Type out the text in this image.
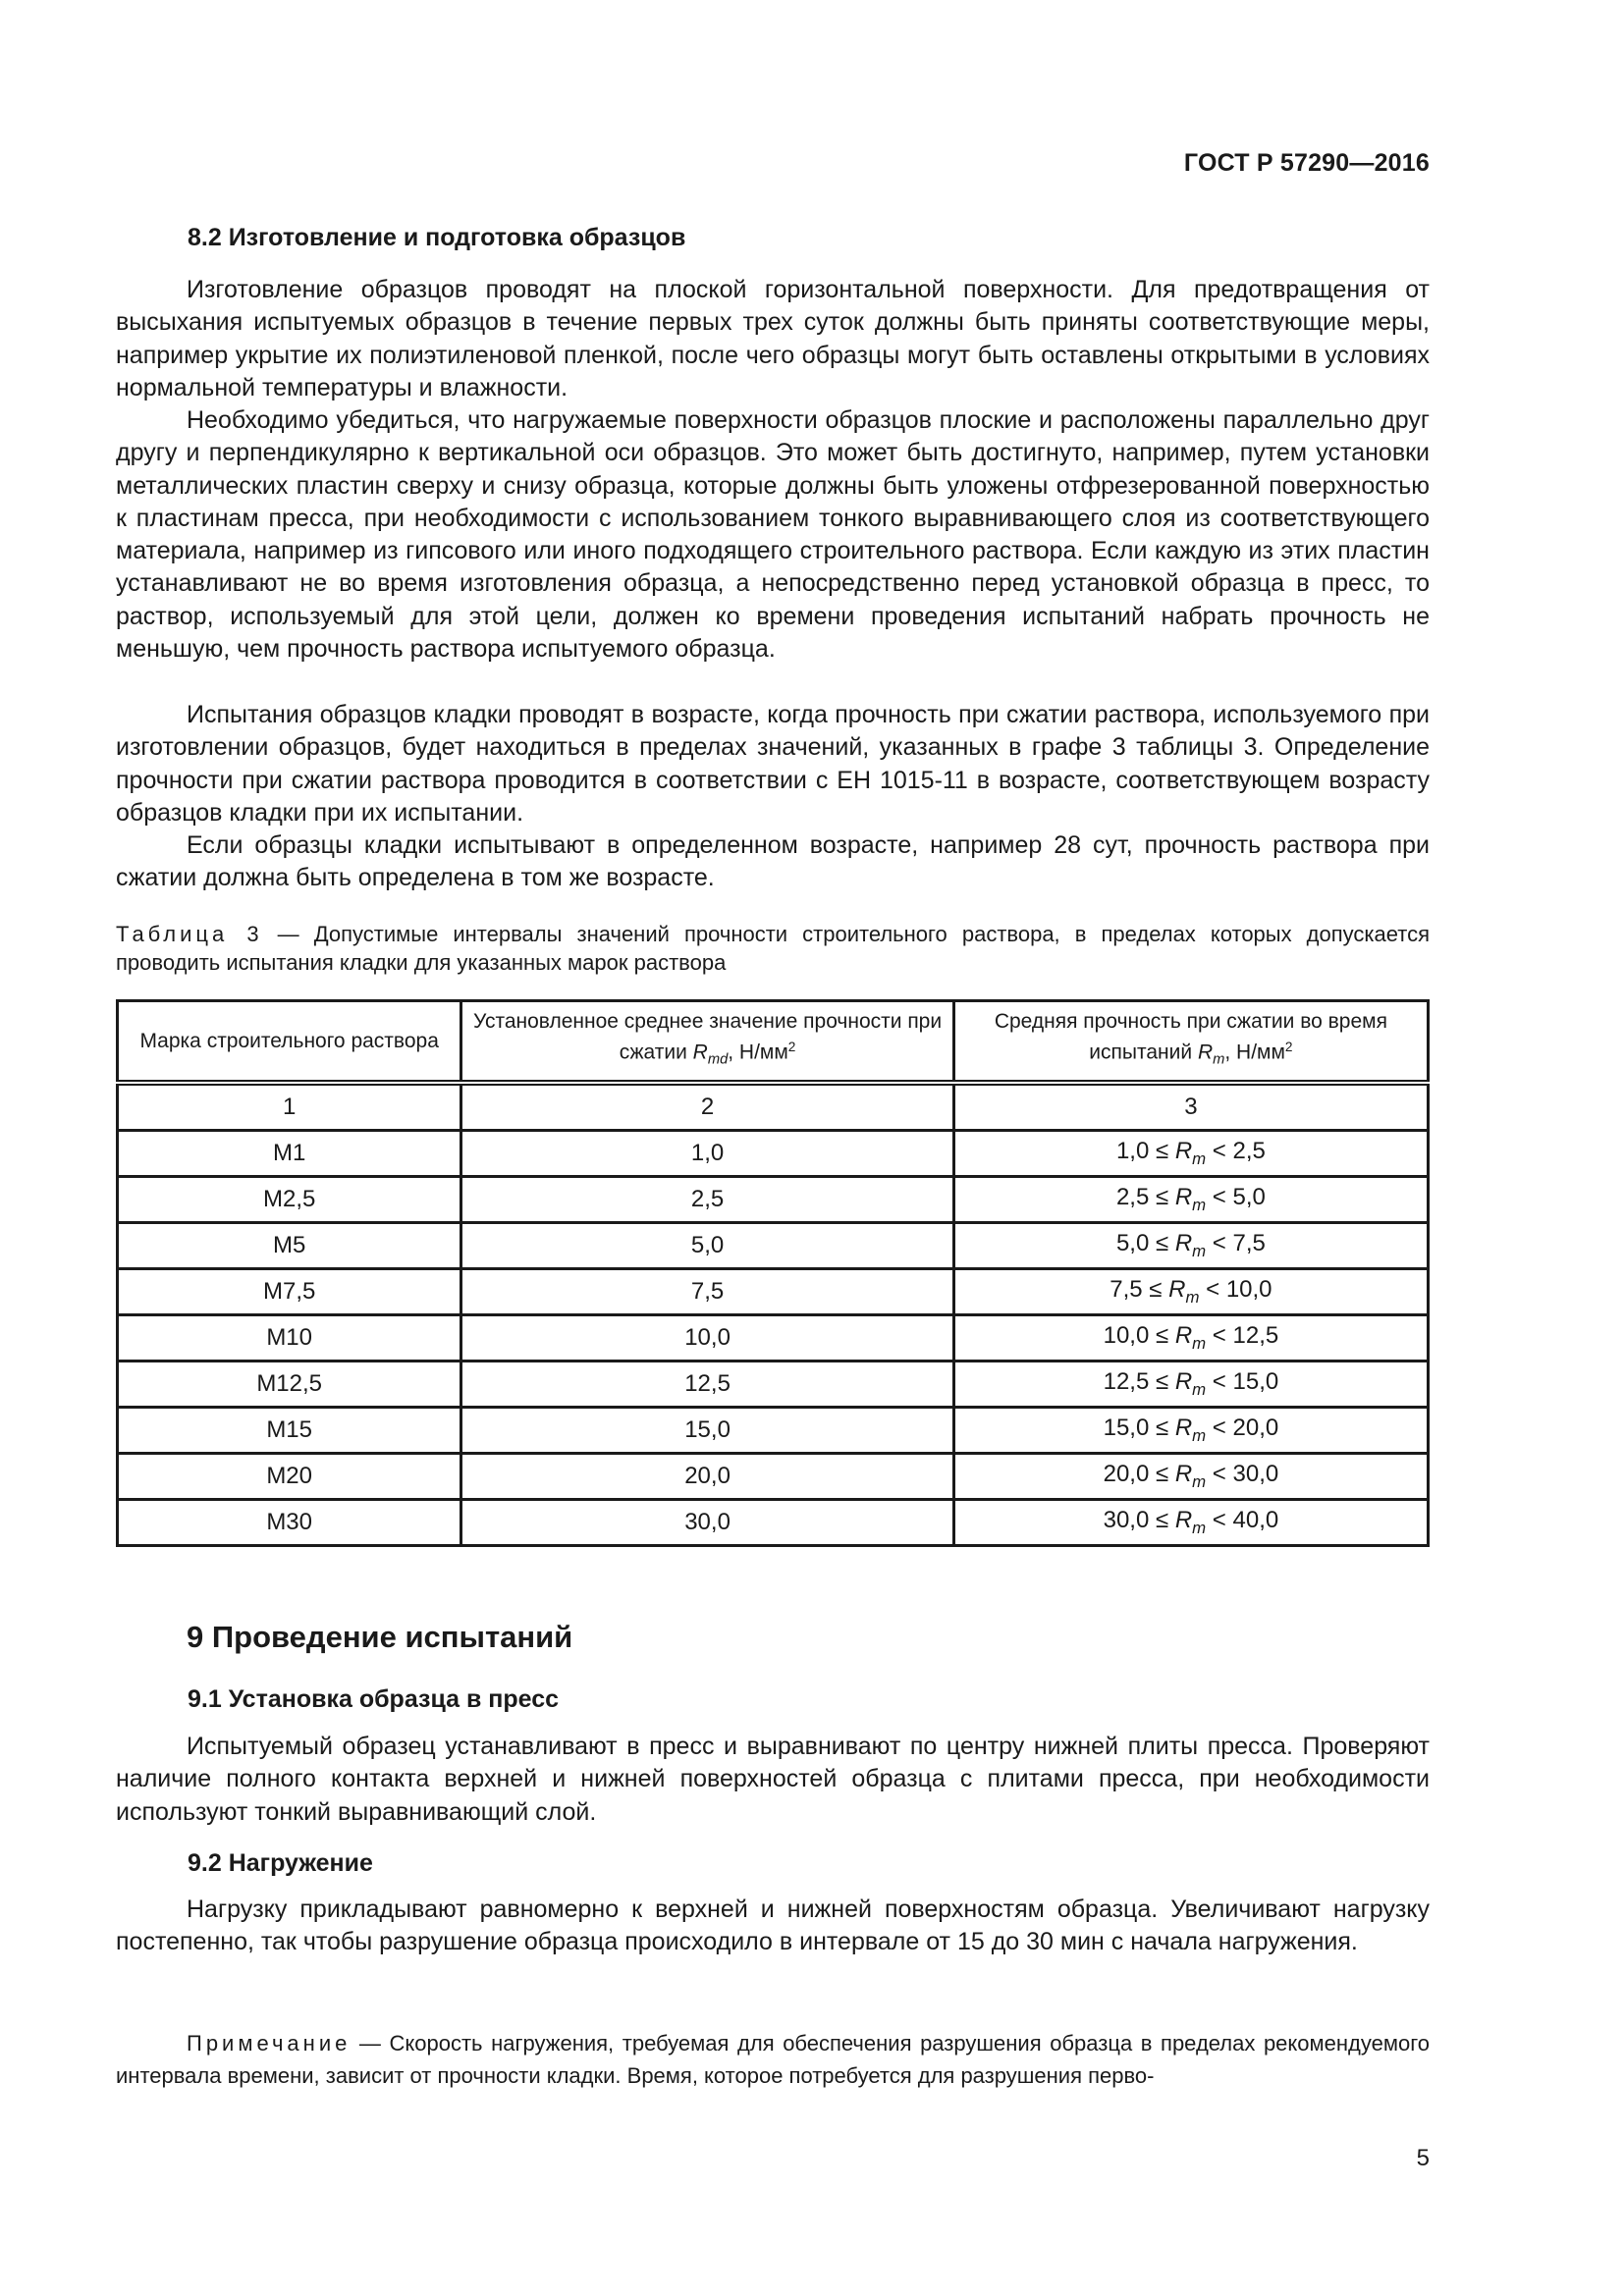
ГОСТ Р 57290—2016
8.2 Изготовление и подготовка образцов

Изготовление образцов проводят на плоской горизонтальной поверхности. Для предотвращения от высыхания испытуемых образцов в течение первых трех суток должны быть приняты соответствующие меры, например укрытие их полиэтиленовой пленкой, после чего образцы могут быть оставлены открытыми в условиях нормальной температуры и влажности.

Необходимо убедиться, что нагружаемые поверхности образцов плоские и расположены параллельно друг другу и перпендикулярно к вертикальной оси образцов. Это может быть достигнуто, например, путем установки металлических пластин сверху и снизу образца, которые должны быть уложены отфрезерованной поверхностью к пластинам пресса, при необходимости с использованием тонкого выравнивающего слоя из соответствующего материала, например из гипсового или иного подходящего строительного раствора. Если каждую из этих пластин устанавливают не во время изготовления образца, а непосредственно перед установкой образца в пресс, то раствор, используемый для этой цели, должен ко времени проведения испытаний набрать прочность не меньшую, чем прочность раствора испытуемого образца.

Испытания образцов кладки проводят в возрасте, когда прочность при сжатии раствора, используемого при изготовлении образцов, будет находиться в пределах значений, указанных в графе 3 таблицы 3. Определение прочности при сжатии раствора проводится в соответствии с ЕН 1015-11 в возрасте, соответствующем возрасту образцов кладки при их испытании.

Если образцы кладки испытывают в определенном возрасте, например 28 сут, прочность раствора при сжатии должна быть определена в том же возрасте.

Таблица 3 — Допустимые интервалы значений прочности строительного раствора, в пределах которых допускается проводить испытания кладки для указанных марок раствора
Марка строительного раствора	Установленное среднее значение прочности при сжатии $R_{md}$, $Н/мм^2$	Средняя прочность при сжатии во время испытаний $R_m$, $Н/мм^2$
1	2	3
М1	1,0	$1,0 \le R_m < 2,5$
М2,5	2,5	$2,5 \le R_m < 5,0$
М5	5,0	$5,0 \le R_m < 7,5$
М7,5	7,5	$7,5 \le R_m < 10,0$
М10	10,0	$10,0 \le R_m < 12,5$
М12,5	12,5	$12,5 \le R_m < 15,0$
М15	15,0	$15,0 \le R_m < 20,0$
М20	20,0	$20,0 \le R_m < 30,0$
М30	30,0	$30,0 \le R_m < 40,0$
9 Проведение испытаний
9.1 Установка образца в пресс

Испытуемый образец устанавливают в пресс и выравнивают по центру нижней плиты пресса. Проверяют наличие полного контакта верхней и нижней поверхностей образца с плитами пресса, при необходимости используют тонкий выравнивающий слой.

9.2 Нагружение

Нагрузку прикладывают равномерно к верхней и нижней поверхностям образца. Увеличивают нагрузку постепенно, так чтобы разрушение образца происходило в интервале от 15 до 30 мин с начала нагружения.

Примечание — Скорость нагружения, требуемая для обеспечения разрушения образца в пределах рекомендуемого интервала времени, зависит от прочности кладки. Время, которое потребуется для разрушения перво-
5
